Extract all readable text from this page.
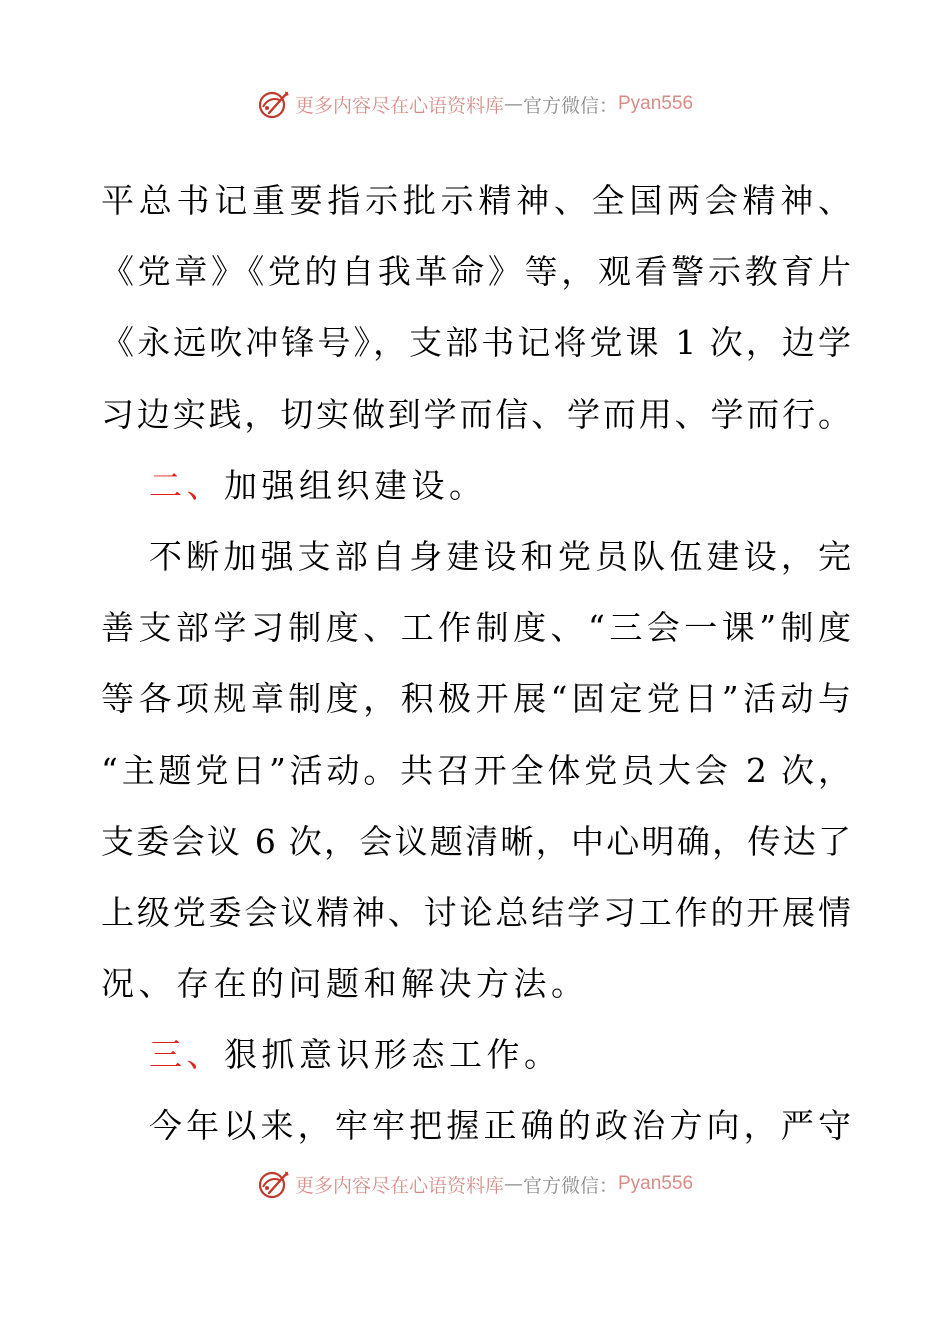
更多内容尽在心语资料库 — 官方微信： Pyan556
平总书记重要指示批示精神、全国两会精神、
《党章》《党的自我革命》等，观看警示教育片
《永远吹冲锋号》，支部书记将党课 1 次，边学
习边实践，切实做到学而信、学而用、学而行。
二、加强组织建设。
不断加强支部自身建设和党员队伍建设，完
善支部学习制度、工作制度、“三会一课”制度
等各项规章制度，积极开展“固定党日”活动与
“主题党日”活动。共召开全体党员大会 2 次，
支委会议 6 次，会议题清晰，中心明确，传达了
上级党委会议精神、讨论总结学习工作的开展情
况、存在的问题和解决方法。
三、狠抓意识形态工作。
今年以来，牢牢把握正确的政治方向，严守
更多内容尽在心语资料库 — 官方微信： Pyan556
